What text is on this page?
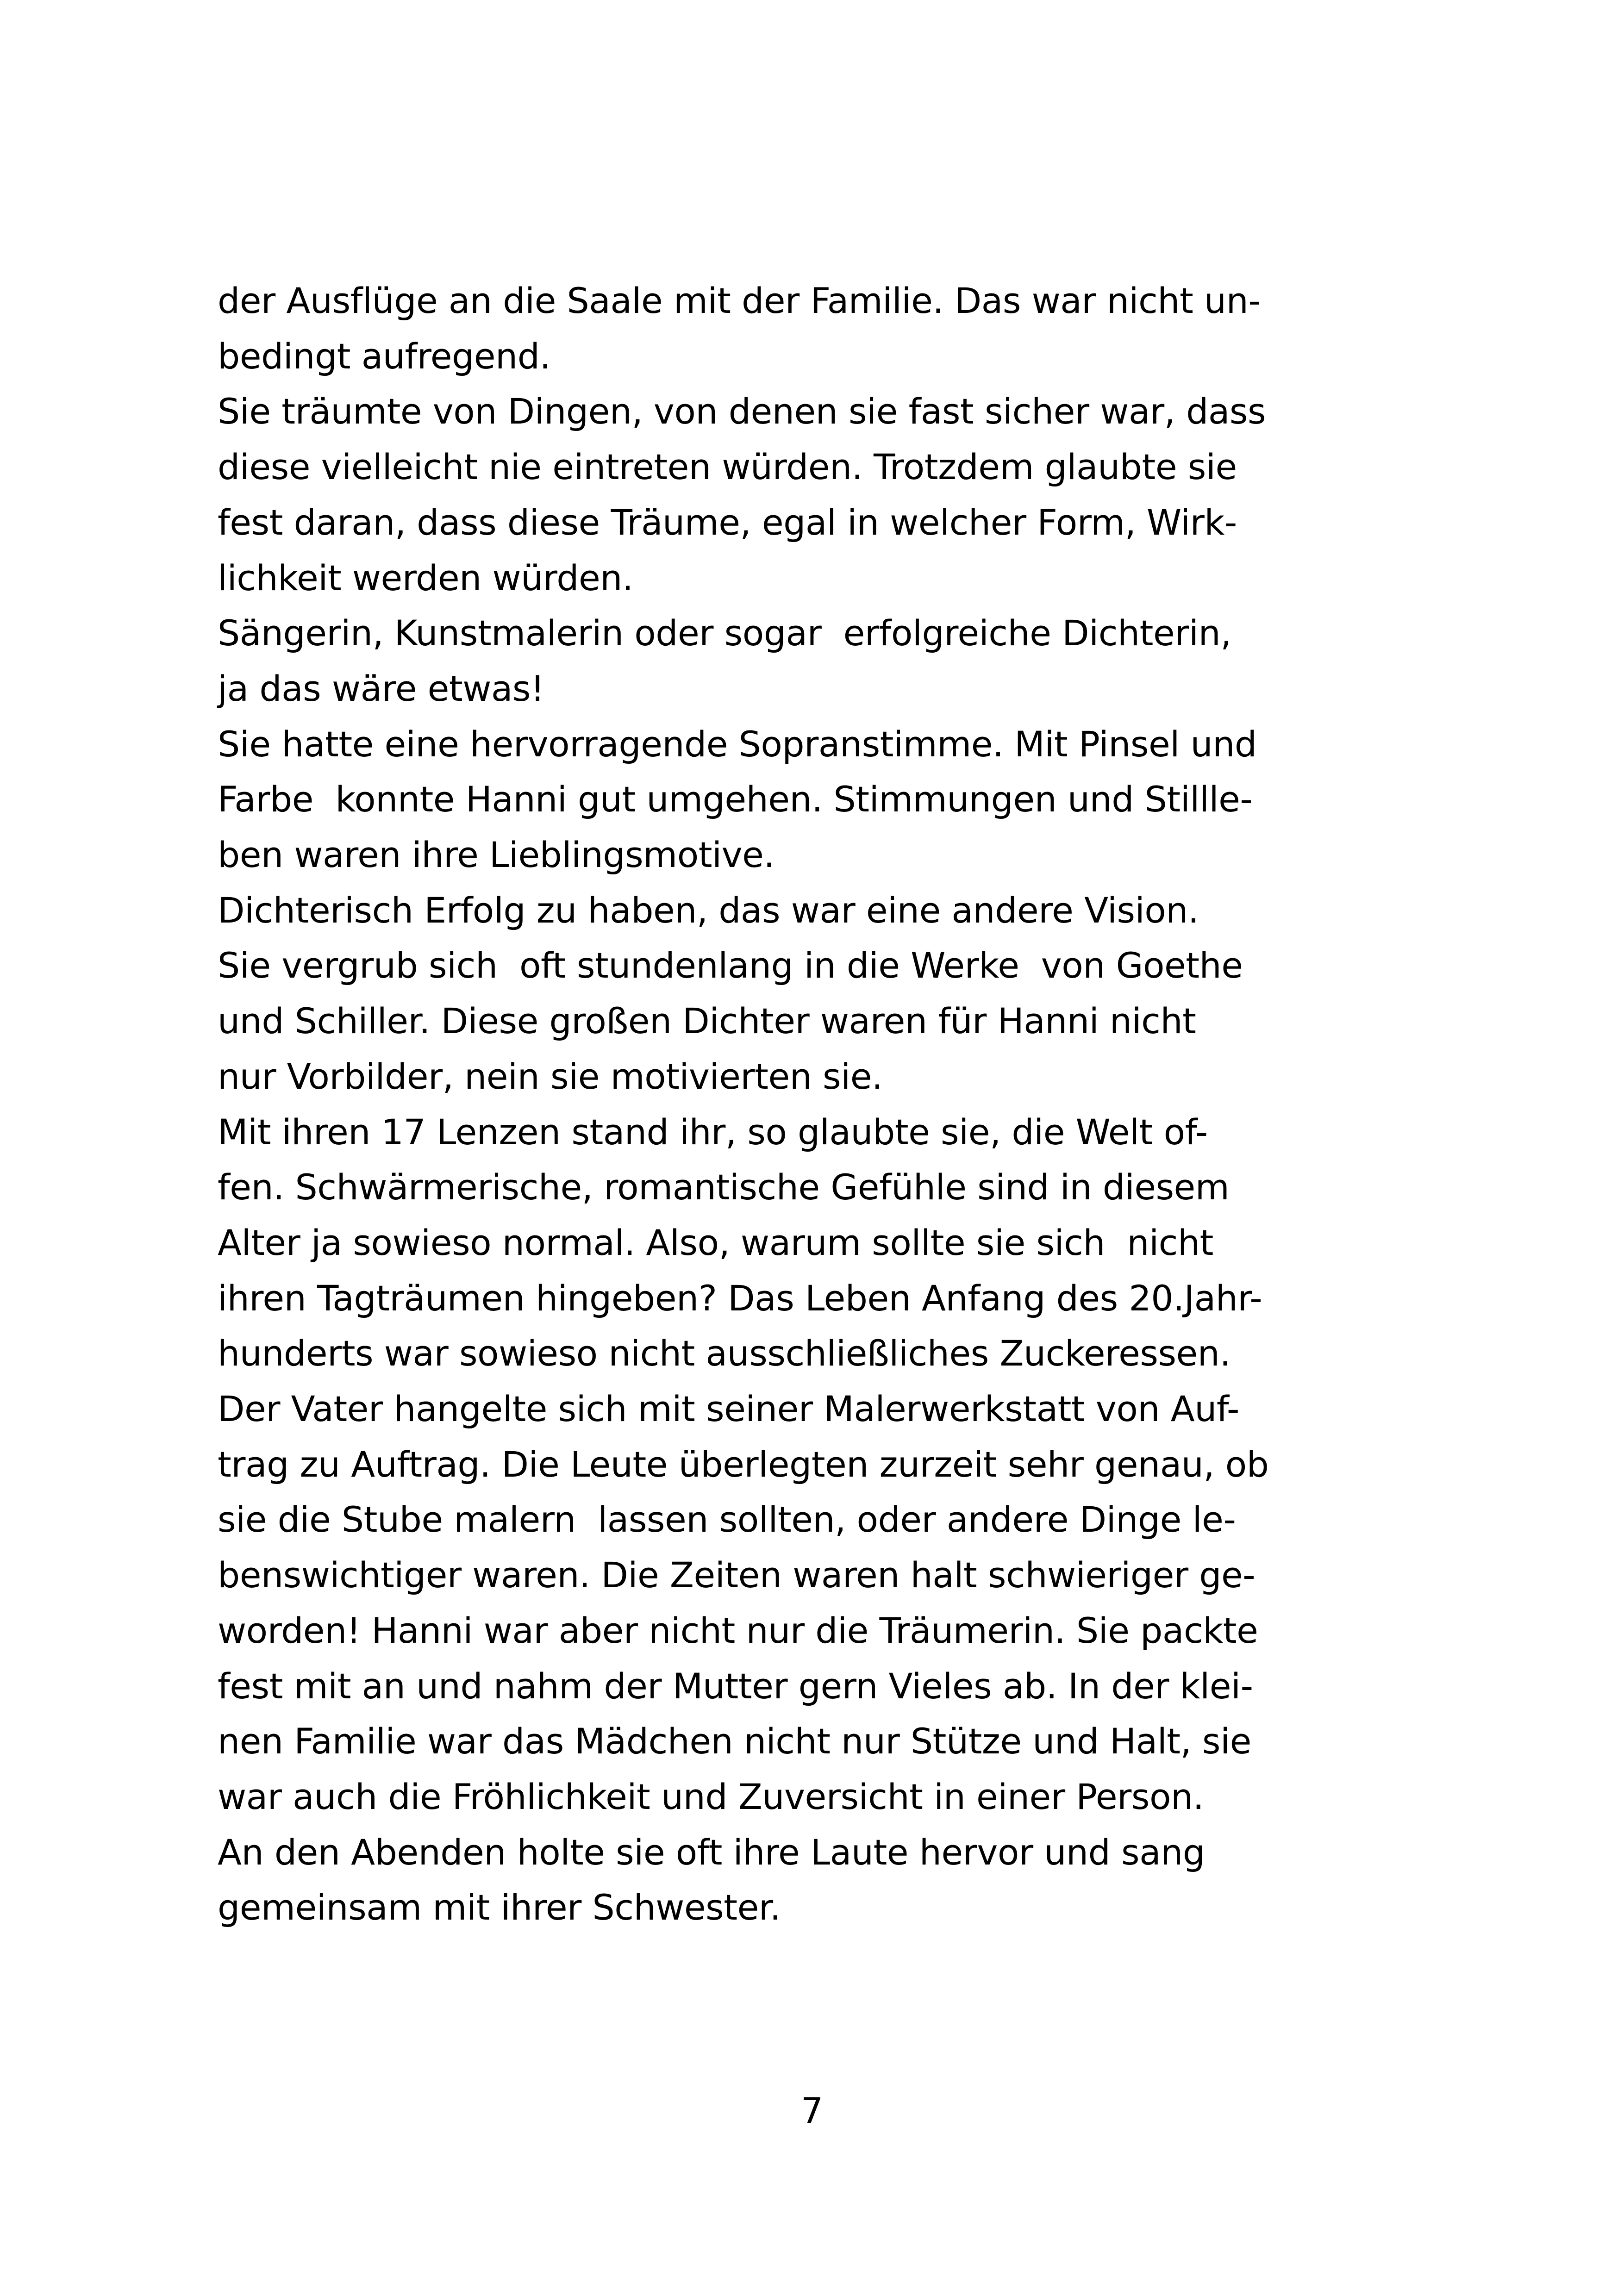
der Ausflüge an die Saale mit der Familie. Das war nicht un-
bedingt aufregend.
Sie träumte von Dingen, von denen sie fast sicher war, dass
diese vielleicht nie eintreten würden. Trotzdem glaubte sie
fest daran, dass diese Träume, egal in welcher Form, Wirk-
lichkeit werden würden.
Sängerin, Kunstmalerin oder sogar  erfolgreiche Dichterin,
ja das wäre etwas!
Sie hatte eine hervorragende Sopranstimme. Mit Pinsel und
Farbe  konnte Hanni gut umgehen. Stimmungen und Stillle-
ben waren ihre Lieblingsmotive.
Dichterisch Erfolg zu haben, das war eine andere Vision.
Sie vergrub sich  oft stundenlang in die Werke  von Goethe
und Schiller. Diese großen Dichter waren für Hanni nicht
nur Vorbilder, nein sie motivierten sie.
Mit ihren 17 Lenzen stand ihr, so glaubte sie, die Welt of-
fen. Schwärmerische, romantische Gefühle sind in diesem
Alter ja sowieso normal. Also, warum sollte sie sich  nicht
ihren Tagträumen hingeben? Das Leben Anfang des 20.Jahr-
hunderts war sowieso nicht ausschließliches Zuckeressen.
Der Vater hangelte sich mit seiner Malerwerkstatt von Auf-
trag zu Auftrag. Die Leute überlegten zurzeit sehr genau, ob
sie die Stube malern  lassen sollten, oder andere Dinge le-
benswichtiger waren. Die Zeiten waren halt schwieriger ge-
worden! Hanni war aber nicht nur die Träumerin. Sie packte
fest mit an und nahm der Mutter gern Vieles ab. In der klei-
nen Familie war das Mädchen nicht nur Stütze und Halt, sie
war auch die Fröhlichkeit und Zuversicht in einer Person.
An den Abenden holte sie oft ihre Laute hervor und sang
gemeinsam mit ihrer Schwester.
7
